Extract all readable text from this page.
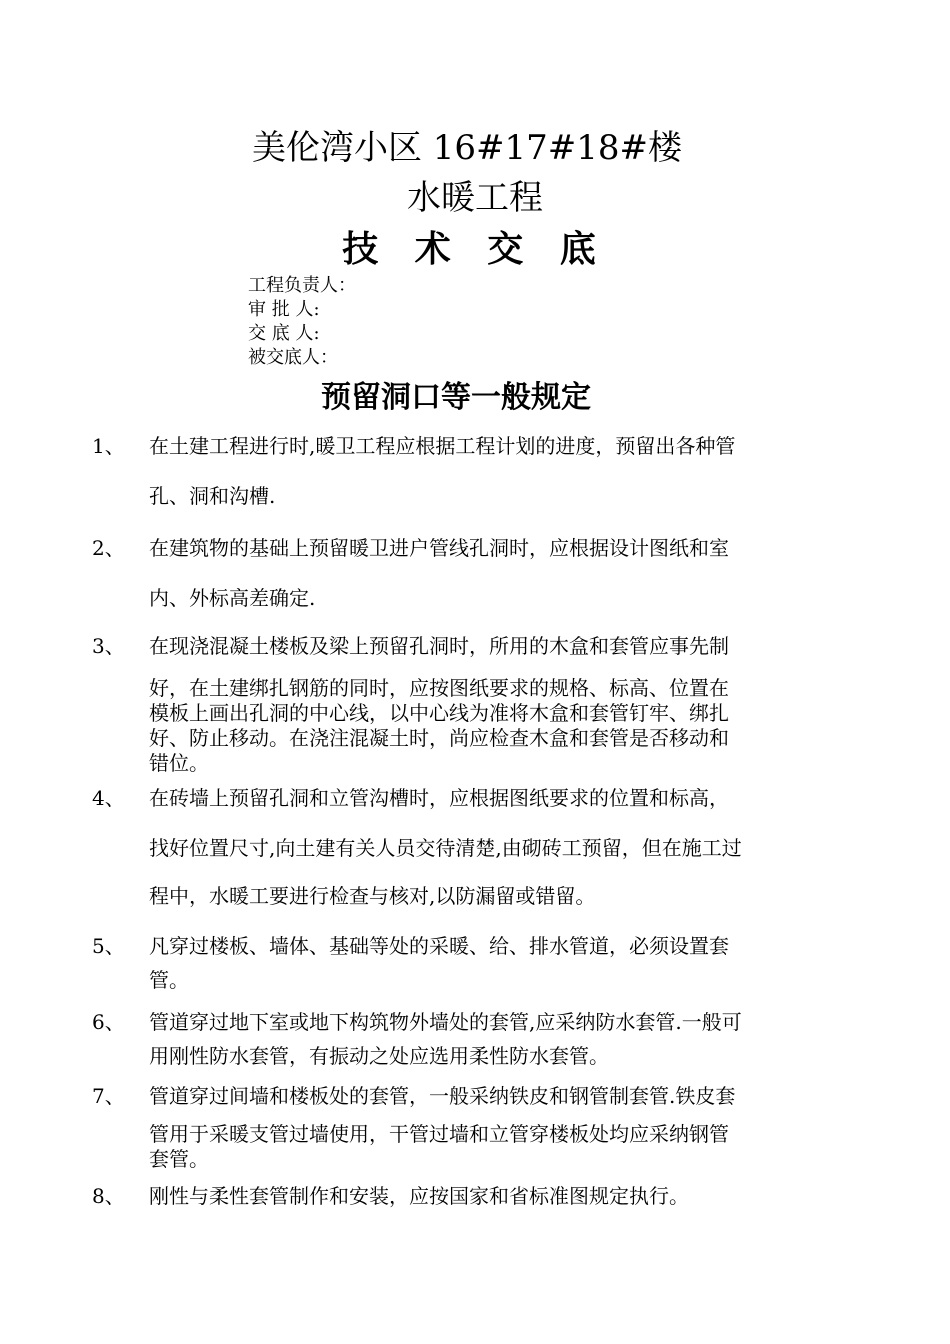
美伦湾小区 16#17#18#楼
水暖工程
技 术 交 底
工程负责人：
审 批 人:
交 底 人:
被交底人：
预留洞口等一般规定
1、 在土建工程进行时,暖卫工程应根据工程计划的进度，预留出各种管
孔、洞和沟槽.
2、 在建筑物的基础上预留暖卫进户管线孔洞时，应根据设计图纸和室
内、外标高差确定.
3、 在现浇混凝土楼板及梁上预留孔洞时，所用的木盒和套管应事先制
好，在土建绑扎钢筋的同时，应按图纸要求的规格、标高、位置在
模板上画出孔洞的中心线，以中心线为准将木盒和套管钉牢、绑扎
好、防止移动。在浇注混凝土时，尚应检查木盒和套管是否移动和
错位。
4、 在砖墙上预留孔洞和立管沟槽时，应根据图纸要求的位置和标高，
找好位置尺寸,向土建有关人员交待清楚,由砌砖工预留，但在施工过
程中，水暖工要进行检查与核对,以防漏留或错留。
5、 凡穿过楼板、墙体、基础等处的采暖、给、排水管道，必须设置套
管。
6、 管道穿过地下室或地下构筑物外墙处的套管,应采纳防水套管.一般可
用刚性防水套管，有振动之处应选用柔性防水套管。
7、 管道穿过间墙和楼板处的套管，一般采纳铁皮和钢管制套管.铁皮套
管用于采暖支管过墙使用，干管过墙和立管穿楼板处均应采纳钢管
套管。
8、 刚性与柔性套管制作和安装，应按国家和省标准图规定执行。
